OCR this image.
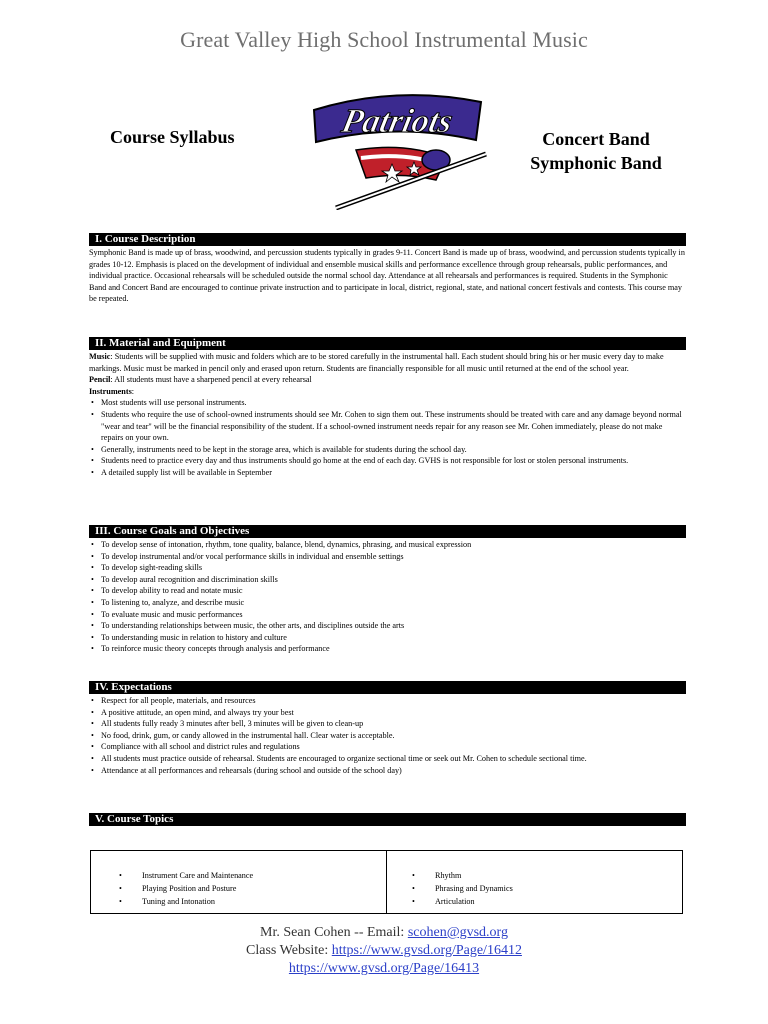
Great Valley High School Instrumental Music
Course Syllabus	Patriots	Concert Band
Symphonic Band
I. Course Description

Symphonic Band is made up of brass, woodwind, and percussion students typically in grades 9-11. Concert Band is made up of brass, woodwind, and percussion students typically in grades 10-12. Emphasis is placed on the development of individual and ensemble musical skills and performance excellence through group rehearsals, public performances, and individual practice. Occasional rehearsals will be scheduled outside the normal school day. Attendance at all rehearsals and performances is required. Students in the Symphonic Band and Concert Band are encouraged to continue private instruction and to participate in local, district, regional, state, and national concert festivals and contests. This course may be repeated.

II. Material and Equipment

Music: Students will be supplied with music and folders which are to be stored carefully in the instrumental hall. Each student should bring his or her music every day to make markings. Music must be marked in pencil only and erased upon return. Students are financially responsible for all music until returned at the end of the school year.

Pencil: All students must have a sharpened pencil at every rehearsal

Instruments:

• Most students will use personal instruments.
• Students who require the use of school-owned instruments should see Mr. Cohen to sign them out. These instruments should be treated with care and any damage beyond normal "wear and tear" will be the financial responsibility of the student. If a school-owned instrument needs repair for any reason see Mr. Cohen immediately, please do not make repairs on your own.
• Generally, instruments need to be kept in the storage area, which is available for students during the school day.
• Students need to practice every day and thus instruments should go home at the end of each day. GVHS is not responsible for lost or stolen personal instruments.
• A detailed supply list will be available in September
III. Course Goals and Objectives
• To develop sense of intonation, rhythm, tone quality, balance, blend, dynamics, phrasing, and musical expression
• To develop instrumental and/or vocal performance skills in individual and ensemble settings
• To develop sight-reading skills
• To develop aural recognition and discrimination skills
• To develop ability to read and notate music
• To listening to, analyze, and describe music
• To evaluate music and music performances
• To understanding relationships between music, the other arts, and disciplines outside the arts
• To understanding music in relation to history and culture
• To reinforce music theory concepts through analysis and performance
IV. Expectations
• Respect for all people, materials, and resources
• A positive attitude, an open mind, and always try your best
• All students fully ready 3 minutes after bell, 3 minutes will be given to clean-up
• No food, drink, gum, or candy allowed in the instrumental hall. Clear water is acceptable.
• Compliance with all school and district rules and regulations
• All students must practice outside of rehearsal. Students are encouraged to organize sectional time or seek out Mr. Cohen to schedule sectional time.
• Attendance at all performances and rehearsals (during school and outside of the school day)
V. Course Topics
• Instrument Care and Maintenance
• Playing Position and Posture
• Tuning and Intonation
• Rhythm
• Phrasing and Dynamics
• Articulation
Mr. Sean Cohen -- Email: scohen@gvsd.org
Class Website: https://www.gvsd.org/Page/16412
https://www.gvsd.org/Page/16413
